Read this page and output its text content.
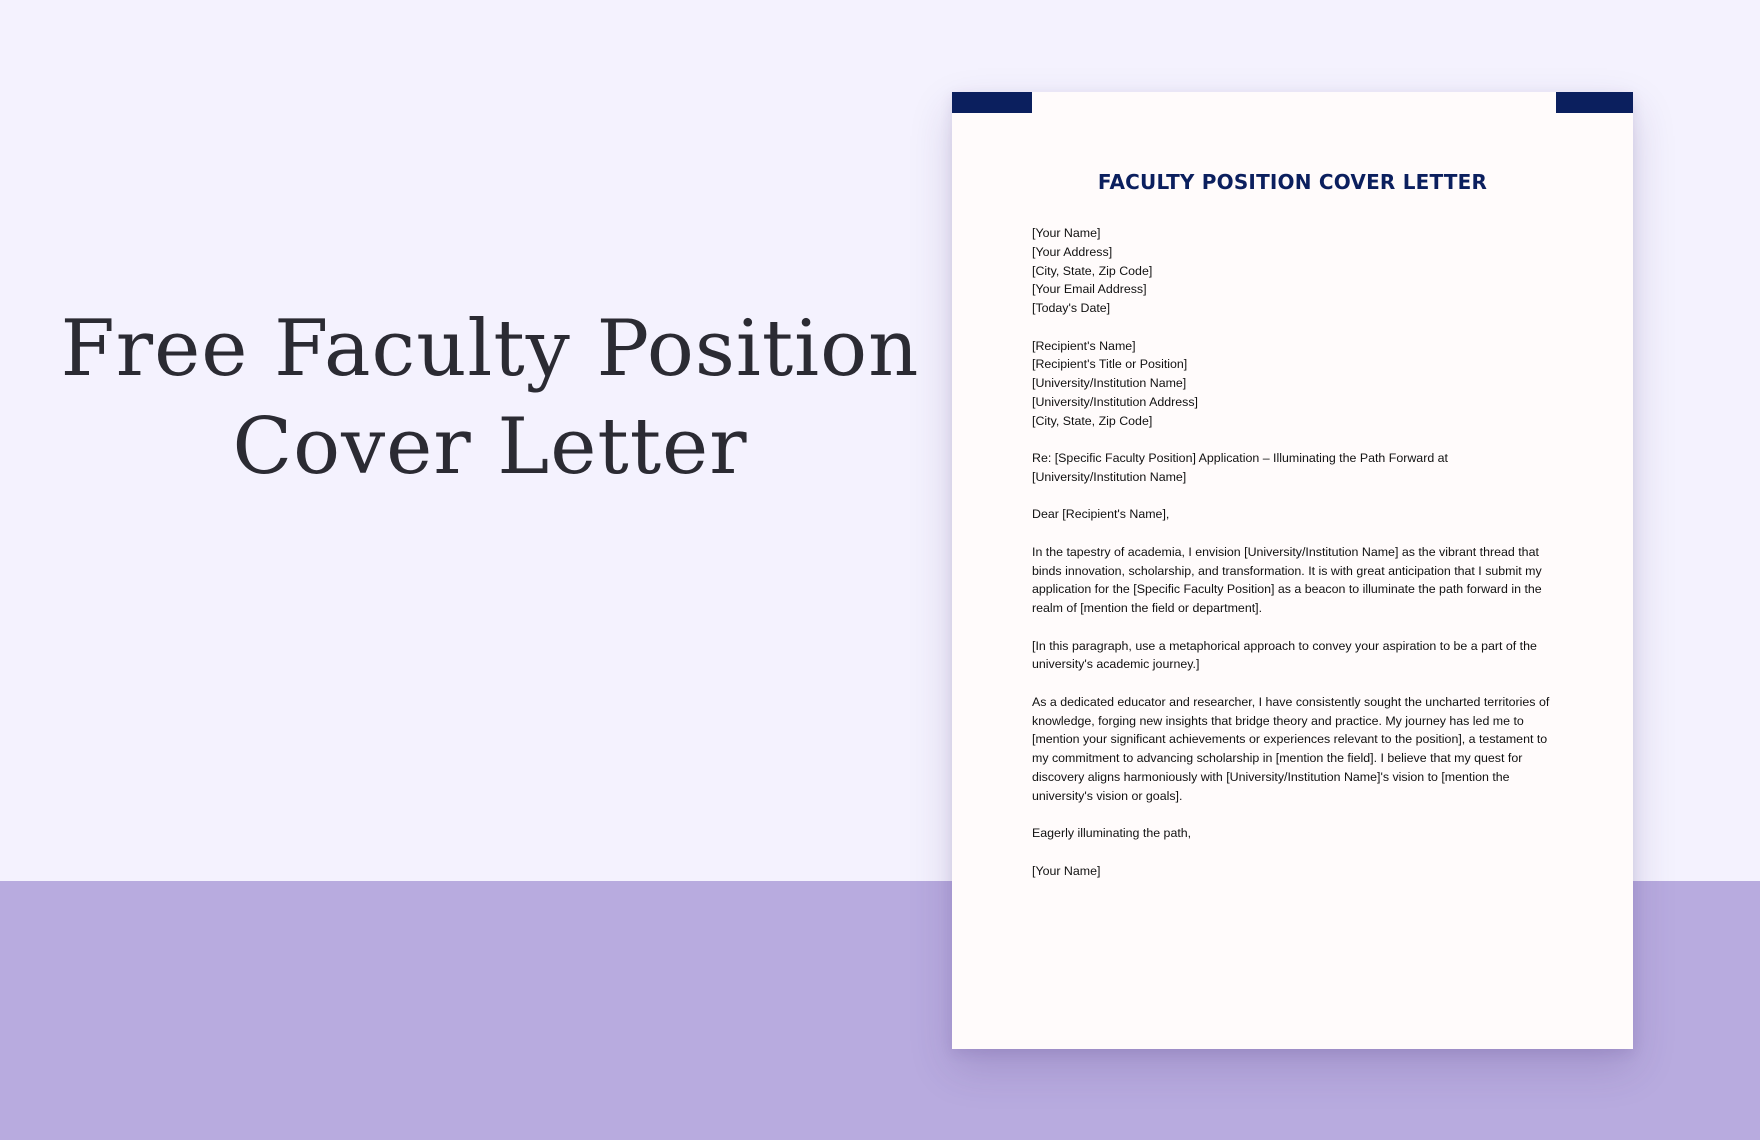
Free Faculty Position
Cover Letter
FACULTY POSITION COVER LETTER
[Your Name]
[Your Address]
[City, State, Zip Code]
[Your Email Address]
[Today's Date]
[Recipient's Name]
[Recipient's Title or Position]
[University/Institution Name]
[University/Institution Address]
[City, State, Zip Code]

Re: [Specific Faculty Position] Application – Illuminating the Path Forward at
[University/Institution Name]

Dear [Recipient's Name],

In the tapestry of academia, I envision [University/Institution Name] as the vibrant thread that
binds innovation, scholarship, and transformation. It is with great anticipation that I submit my
application for the [Specific Faculty Position] as a beacon to illuminate the path forward in the
realm of [mention the field or department].

[In this paragraph, use a metaphorical approach to convey your aspiration to be a part of the
university's academic journey.]

As a dedicated educator and researcher, I have consistently sought the uncharted territories of
knowledge, forging new insights that bridge theory and practice. My journey has led me to
[mention your significant achievements or experiences relevant to the position], a testament to
my commitment to advancing scholarship in [mention the field]. I believe that my quest for
discovery aligns harmoniously with [University/Institution Name]'s vision to [mention the
university's vision or goals].

Eagerly illuminating the path,

[Your Name]
